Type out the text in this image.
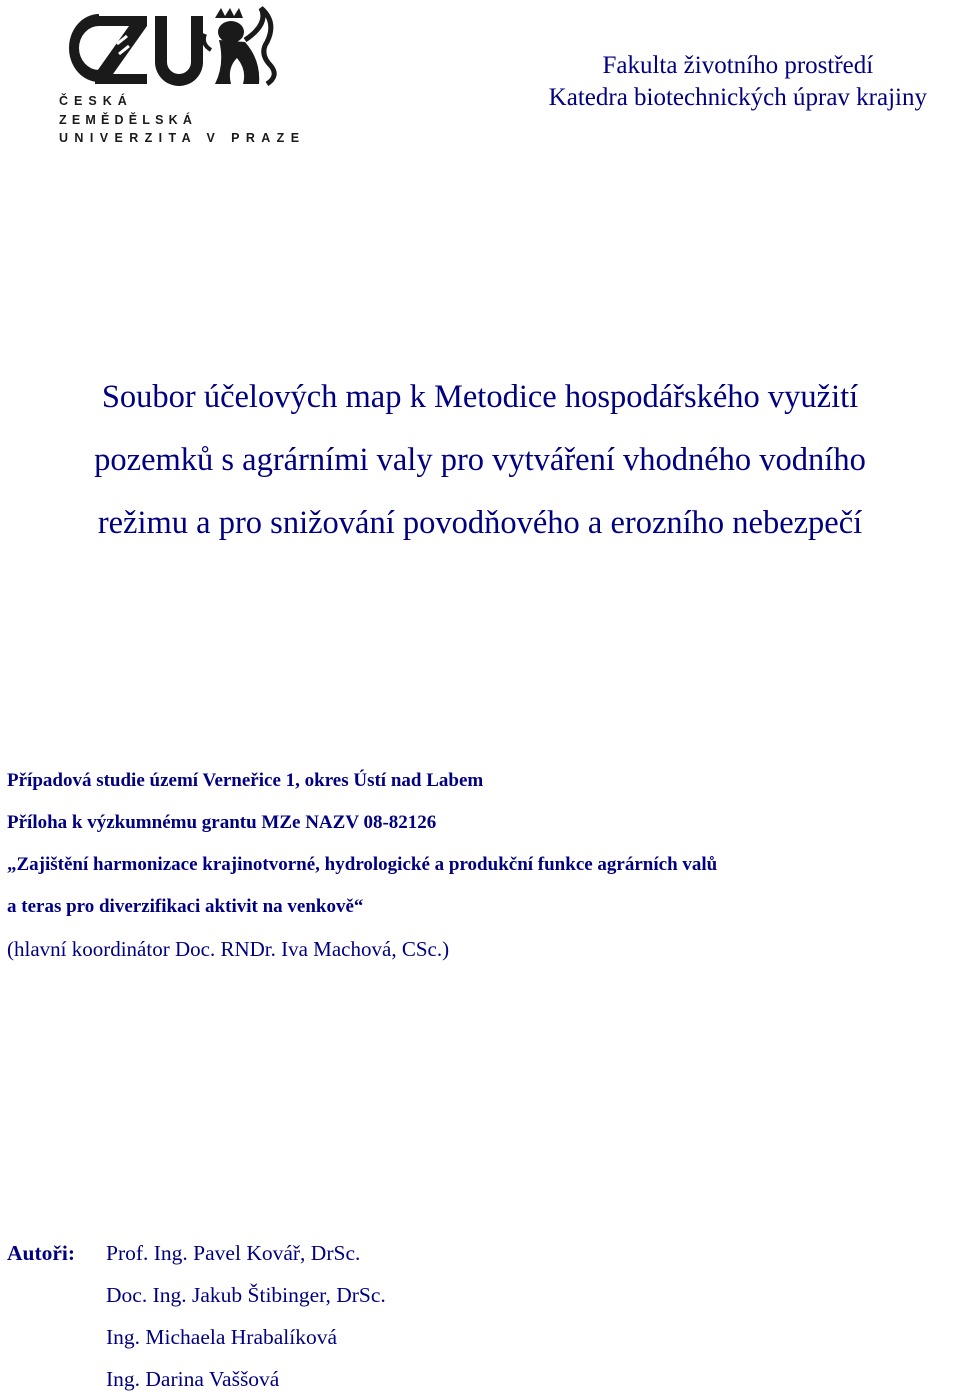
ČESKÁ
ZEMĚDĚLSKÁ
UNIVERZITA V PRAZE
Fakulta životního prostředí
Katedra biotechnických úprav krajiny
Soubor účelových map k Metodice hospodářského využití
pozemků s agrárními valy pro vytváření vhodného vodního
režimu a pro snižování povodňového a erozního nebezpečí
Případová studie území Verneřice 1, okres Ústí nad Labem
Příloha k výzkumnému grantu MZe NAZV 08-82126
„Zajištění harmonizace krajinotvorné, hydrologické a produkční funkce agrárních valů
a teras pro diverzifikaci aktivit na venkově“
(hlavní koordinátor Doc. RNDr. Iva Machová, CSc.)
Autoři: Prof. Ing. Pavel Kovář, DrSc.
Doc. Ing. Jakub Štibinger, DrSc.
Ing. Michaela Hrabalíková
Ing. Darina Vaššová
